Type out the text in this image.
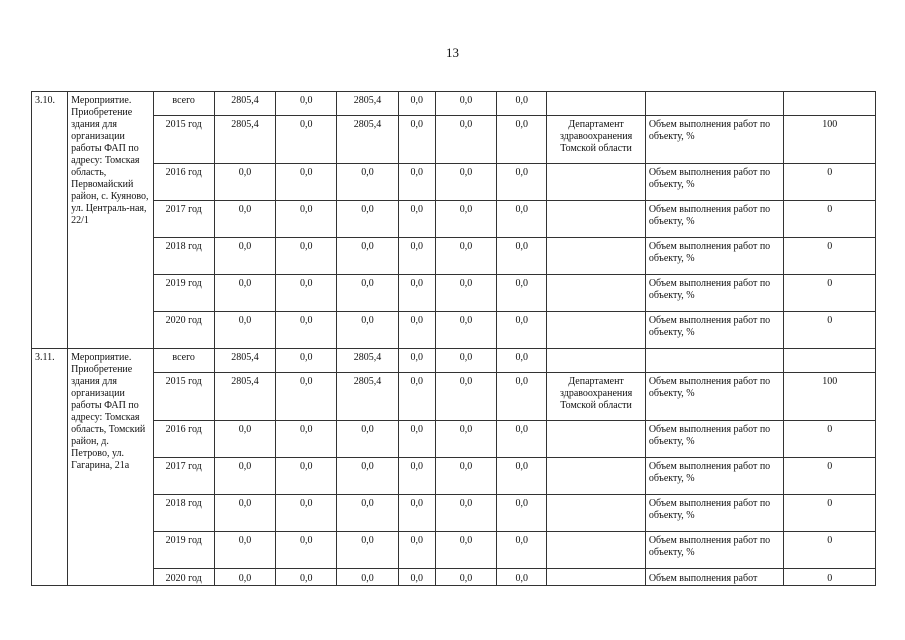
13
3.10.	Мероприятие. Приобретение здания для организации работы ФАП по адресу: Томская область, Первомайский район, с. Куяново, ул. Централь-ная, 22/1	всего	2805,4	0,0	2805,4	0,0	0,0	0,0			
		2015 год	2805,4	0,0	2805,4	0,0	0,0	0,0	Департамент здравоохранения Томской области	Объем выполнения работ по объекту, %	100
		2016 год	0,0	0,0	0,0	0,0	0,0	0,0		Объем выполнения работ по объекту, %	0
		2017 год	0,0	0,0	0,0	0,0	0,0	0,0		Объем выполнения работ по объекту, %	0
		2018 год	0,0	0,0	0,0	0,0	0,0	0,0		Объем выполнения работ по объекту, %	0
		2019 год	0,0	0,0	0,0	0,0	0,0	0,0		Объем выполнения работ по объекту, %	0
		2020 год	0,0	0,0	0,0	0,0	0,0	0,0		Объем выполнения работ по объекту, %	0
3.11.	Мероприятие. Приобретение здания для организации работы ФАП по адресу: Томская область, Томский район, д. Петрово, ул. Гагарина, 21а	всего	2805,4	0,0	2805,4	0,0	0,0	0,0			
		2015 год	2805,4	0,0	2805,4	0,0	0,0	0,0	Департамент здравоохранения Томской области	Объем выполнения работ по объекту, %	100
		2016 год	0,0	0,0	0,0	0,0	0,0	0,0		Объем выполнения работ по объекту, %	0
		2017 год	0,0	0,0	0,0	0,0	0,0	0,0		Объем выполнения работ по объекту, %	0
		2018 год	0,0	0,0	0,0	0,0	0,0	0,0		Объем выполнения работ по объекту, %	0
		2019 год	0,0	0,0	0,0	0,0	0,0	0,0		Объем выполнения работ по объекту, %	0
		2020 год	0,0	0,0	0,0	0,0	0,0	0,0		Объем выполнения работ	0
